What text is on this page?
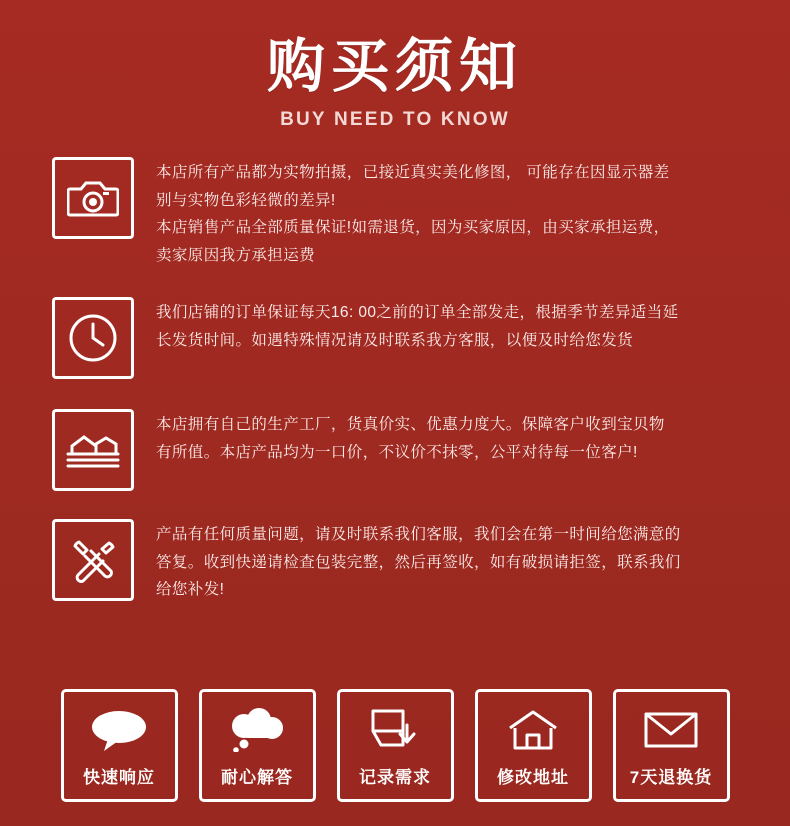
购买须知
BUY NEED TO KNOW

本店所有产品都为实物拍摄，已接近真实美化修图， 可能存在因显示器差

别与实物色彩轻微的差异!

本店销售产品全部质量保证!如需退货，因为买家原因，由买家承担运费，

卖家原因我方承担运费

我们店铺的订单保证每天16: 00之前的订单全部发走，根据季节差异适当延

长发货时间。如遇特殊情况请及时联系我方客服，以便及时给您发货

本店拥有自己的生产工厂，货真价实、优惠力度大。保障客户收到宝贝物

有所值。本店产品均为一口价，不议价不抹零，公平对待每一位客户!

产品有任何质量问题，请及时联系我们客服，我们会在第一时间给您满意的

答复。收到快递请检查包装完整，然后再签收，如有破损请拒签，联系我们

给您补发!

快速响应	耐心解答	记录需求	修改地址	7天退换货
